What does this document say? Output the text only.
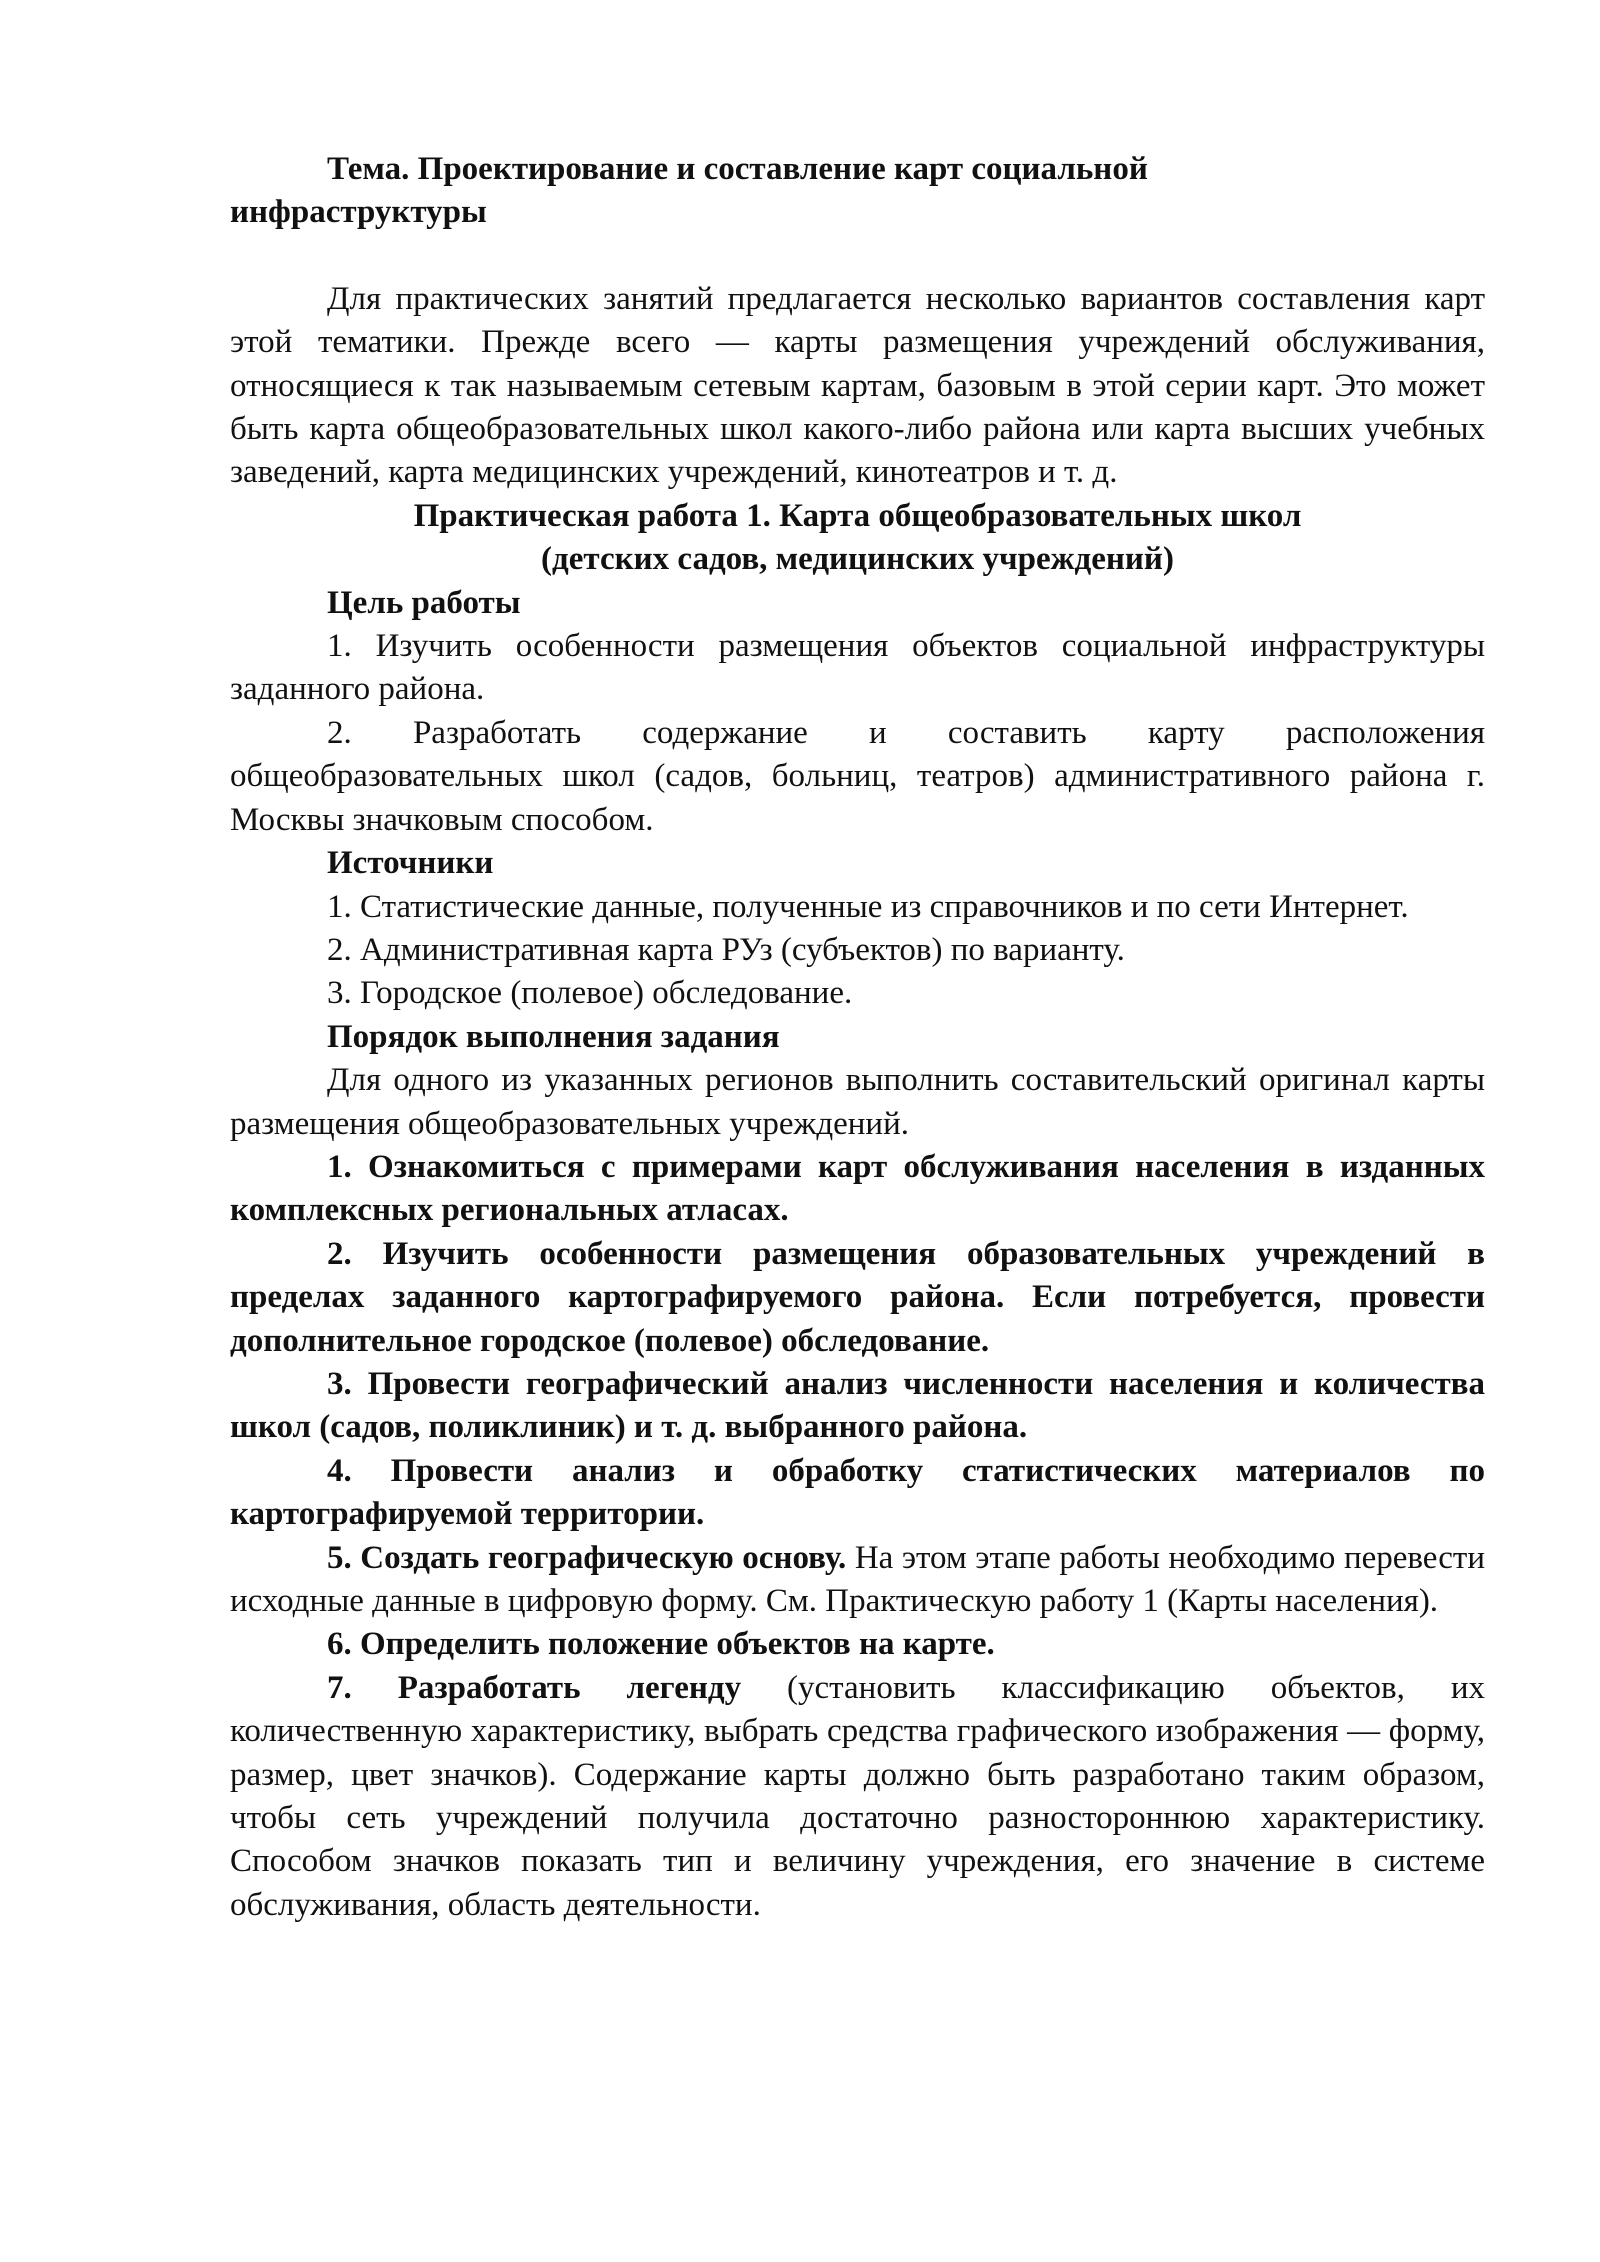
Тема. Проектирование и составление карт социальной инфраструктуры

Для практических занятий предлагается несколько вариантов составления карт этой тематики. Прежде всего — карты размещения учреждений обслуживания, относящиеся к так называемым сетевым картам, базовым в этой серии карт. Это может быть карта общеобразовательных школ какого-либо района или карта высших учебных заведений, карта медицинских учреждений, кинотеатров и т. д.

Практическая работа 1. Карта общеобразовательных школ

(детских садов, медицинских учреждений)

Цель работы

1. Изучить особенности размещения объектов социальной инфраструктуры заданного района.

2. Разработать содержание и составить карту расположения общеобразовательных школ (садов, больниц, театров) административного района г. Москвы значковым способом.

Источники

1. Статистические данные, полученные из справочников и по сети Интернет.

2. Административная карта РУз (субъектов) по варианту.

3. Городское (полевое) обследование.

Порядок выполнения задания

Для одного из указанных регионов выполнить составительский оригинал карты размещения общеобразовательных учреждений.

1. Ознакомиться с примерами карт обслуживания населения в изданных комплексных региональных атласах.

2. Изучить особенности размещения образовательных учреждений в пределах заданного картографируемого района. Если потребуется, провести дополнительное городское (полевое) обследование.

3. Провести географический анализ численности населения и количества школ (садов, поликлиник) и т. д. выбранного района.

4. Провести анализ и обработку статистических материалов по картографируемой территории.

5. Создать географическую основу. На этом этапе работы необходимо перевести исходные данные в цифровую форму. См. Практическую работу 1 (Карты населения).

6. Определить положение объектов на карте.

7. Разработать легенду (установить классификацию объектов, их количественную характеристику, выбрать средства графического изображения — форму, размер, цвет значков). Содержание карты должно быть разработано таким образом, чтобы сеть учреждений получила достаточно разностороннюю характеристику. Способом значков показать тип и величину учреждения, его значение в системе обслуживания, область деятельности.
